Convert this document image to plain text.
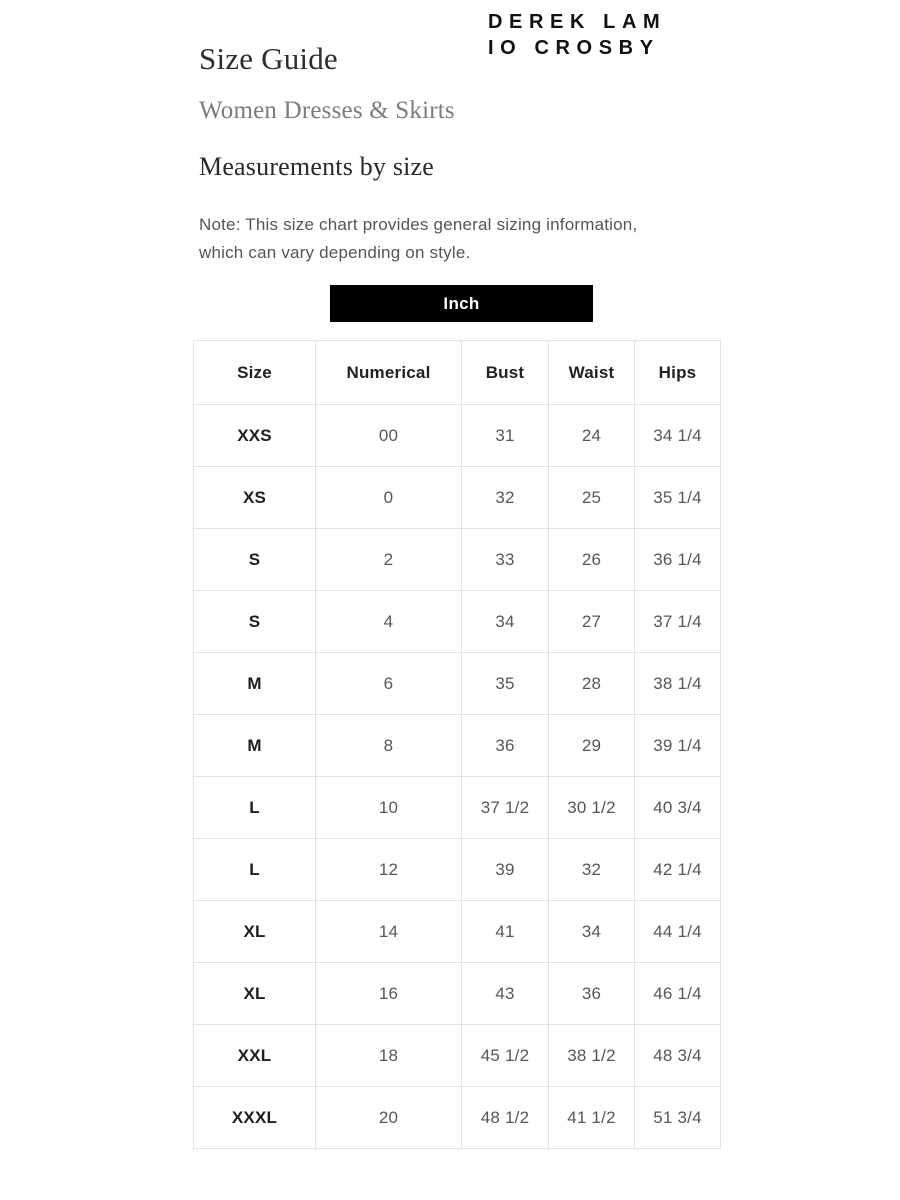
DEREK LAM
IO CROSBY
Size Guide
Women Dresses & Skirts
Measurements by size

Note: This size chart provides general sizing information,
which can vary depending on style.

Inch
Size	Numerical	Bust	Waist	Hips
XXS	00	31	24	34 1/4
XS	0	32	25	35 1/4
S	2	33	26	36 1/4
S	4	34	27	37 1/4
M	6	35	28	38 1/4
M	8	36	29	39 1/4
L	10	37 1/2	30 1/2	40 3/4
L	12	39	32	42 1/4
XL	14	41	34	44 1/4
XL	16	43	36	46 1/4
XXL	18	45 1/2	38 1/2	48 3/4
XXXL	20	48 1/2	41 1/2	51 3/4
